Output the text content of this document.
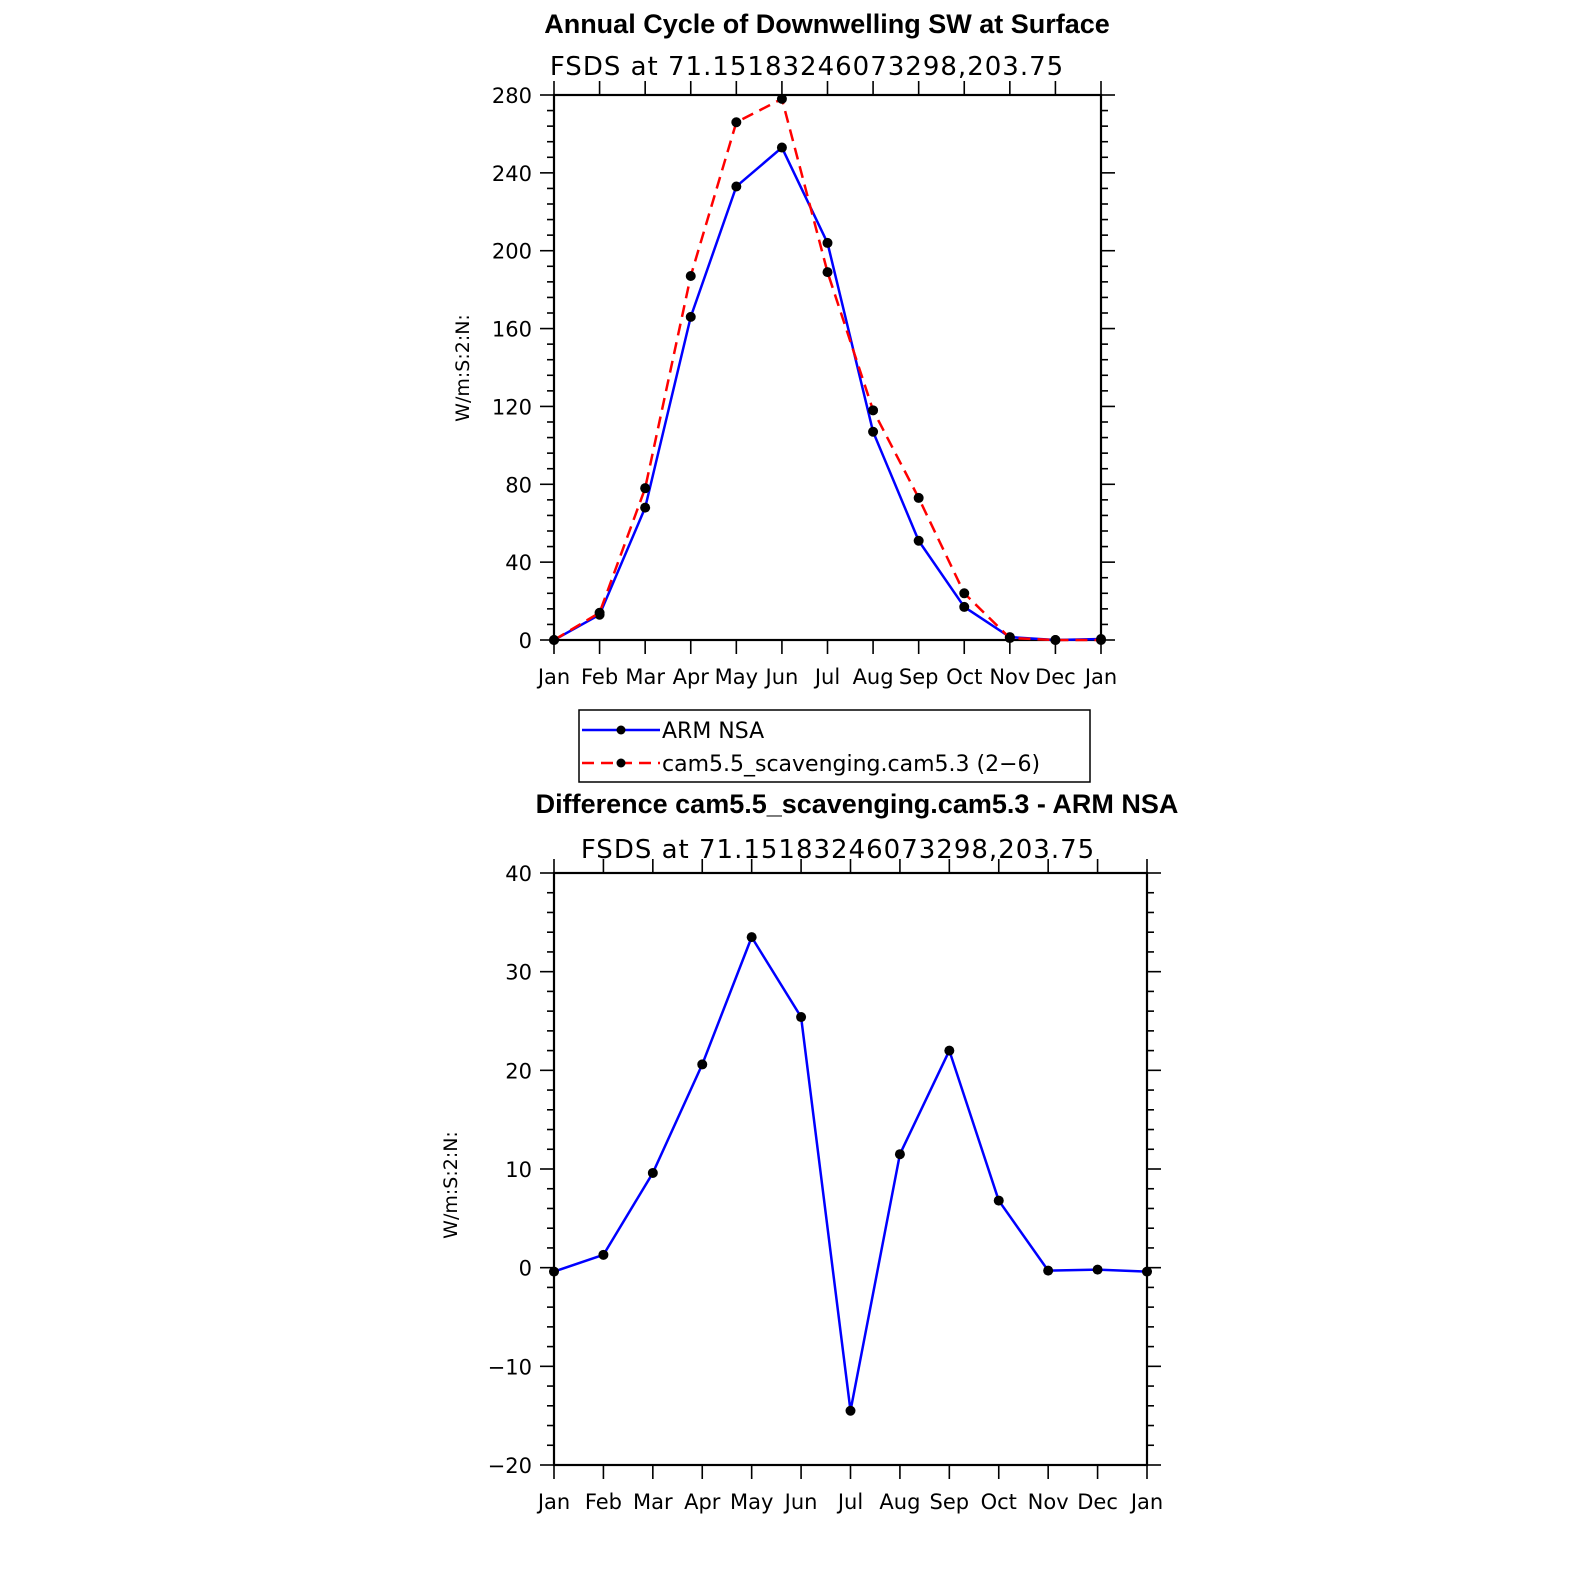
Annual Cycle of Downwelling SW at Surface
FSDS at 71.15183246073298,203.75
W/m:S:2:N:
0
40
80
120
160
200
240
280
Jan Feb Mar Apr May Jun Jul Aug Sep Oct Nov Dec Jan
ARM NSA
cam5.5_scavenging.cam5.3 (2−6)
Difference cam5.5_scavenging.cam5.3 - ARM NSA
FSDS at 71.15183246073298,203.75
W/m:S:2:N:
−20
−10
0
10
20
30
40
Jan Feb Mar Apr May Jun Jul Aug Sep Oct Nov Dec Jan
